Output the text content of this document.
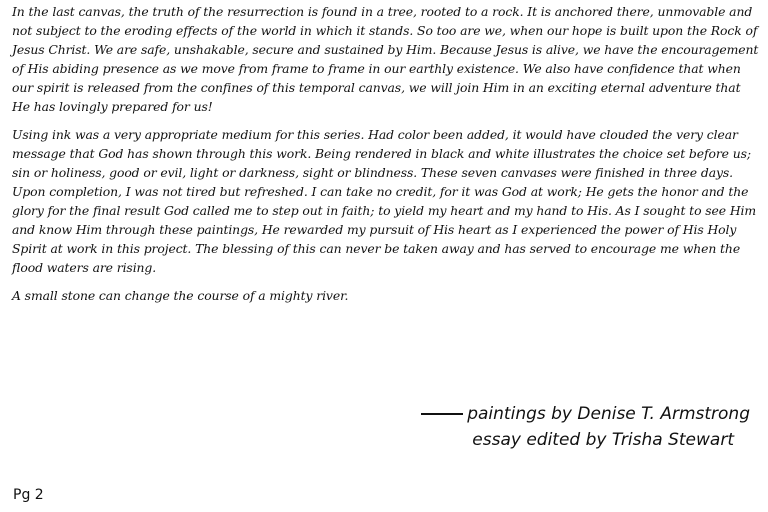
In the last canvas, the truth of the resurrection is found in a tree, rooted to a rock. It is anchored there, unmovable and not subject to the eroding effects of the world in which it stands. So too are we, when our hope is built upon the Rock of Jesus Christ. We are safe, unshakable, secure and sustained by Him. Because Jesus is alive, we have the encouragement of His abiding presence as we move from frame to frame in our earthly existence. We also have confidence that when our spirit is released from the confines of this temporal canvas, we will join Him in an exciting eternal adventure that He has lovingly prepared for us!

Using ink was a very appropriate medium for this series. Had color been added, it would have clouded the very clear message that God has shown through this work. Being rendered in black and white illustrates the choice set before us; sin or holiness, good or evil, light or darkness, sight or blindness. These seven canvases were finished in three days. Upon completion, I was not tired but refreshed. I can take no credit, for it was God at work; He gets the honor and the glory for the final result God called me to step out in faith; to yield my heart and my hand to His. As I sought to see Him and know Him through these paintings, He rewarded my pursuit of His heart as I experienced the power of His Holy Spirit at work in this project. The blessing of this can never be taken away and has served to encourage me when the flood waters are rising.

A small stone can change the course of a mighty river.

paintings by Denise T. Armstrong
essay edited by Trisha Stewart
Pg 2
